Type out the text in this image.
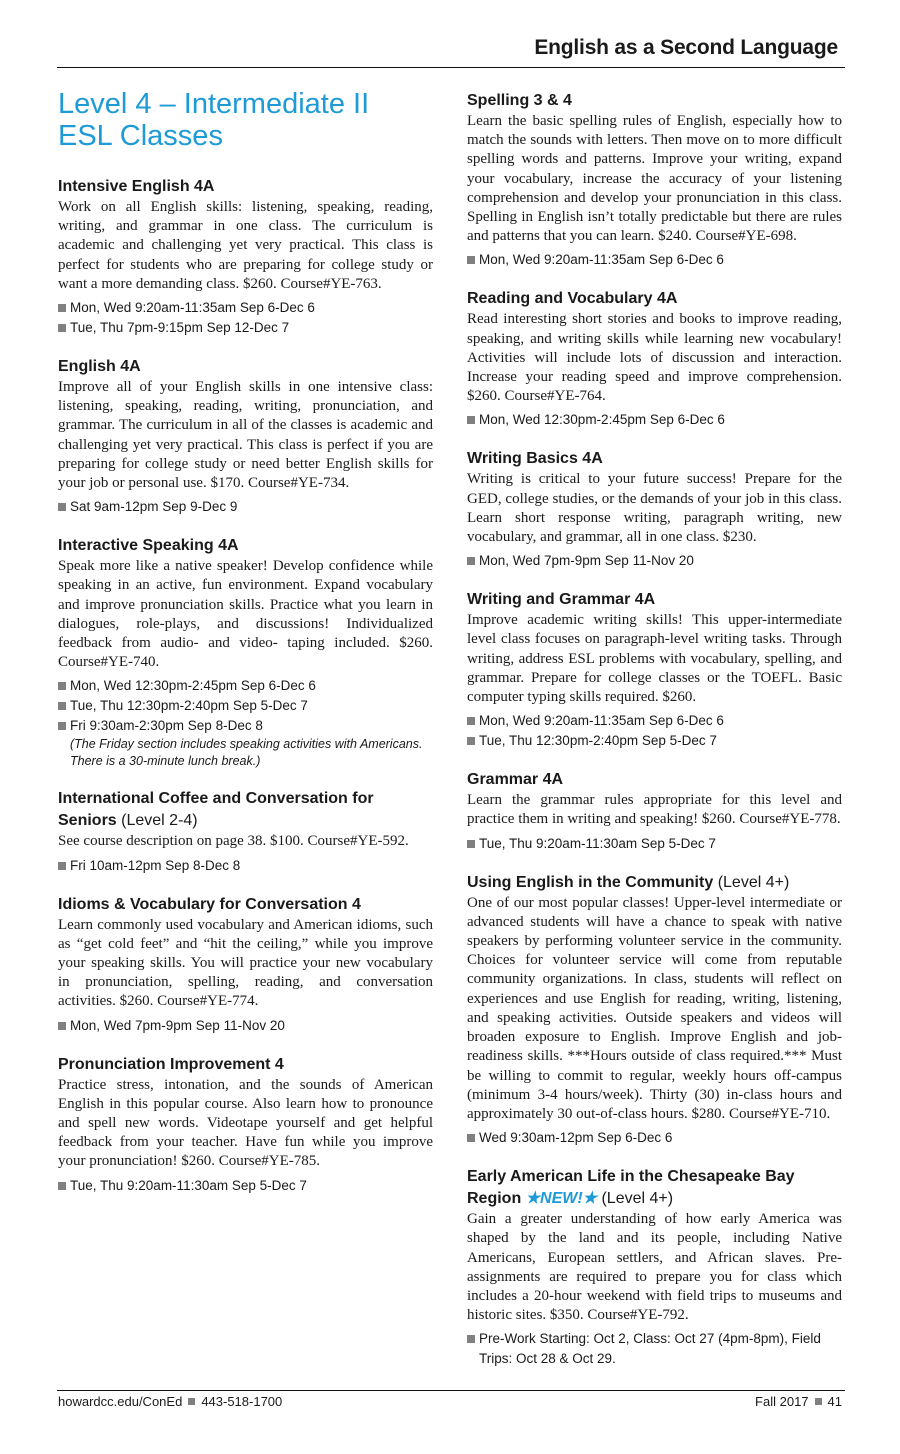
English as a Second Language
Level 4 – Intermediate II
ESL Classes
Intensive English 4A

Work on all English skills: listening, speaking, reading, writing, and grammar in one class. The curriculum is academic and challenging yet very practical. This class is perfect for students who are preparing for college study or want a more demanding class. $260. Course#YE-763.

Mon, Wed 9:20am-11:35am Sep 6-Dec 6
Tue, Thu 7pm-9:15pm Sep 12-Dec 7
English 4A

Improve all of your English skills in one intensive class: listening, speaking, reading, writing, pronunciation, and grammar. The curriculum in all of the classes is academic and challenging yet very practical. This class is perfect if you are preparing for college study or need better English skills for your job or personal use. $170. Course#YE-734.

Sat 9am-12pm Sep 9-Dec 9
Interactive Speaking 4A

Speak more like a native speaker! Develop confidence while speaking in an active, fun environment. Expand vocabulary and improve pronunciation skills. Practice what you learn in dialogues, role-plays, and discussions! Individualized feedback from audio- and video- taping included. $260. Course#YE-740.

Mon, Wed 12:30pm-2:45pm Sep 6-Dec 6
Tue, Thu 12:30pm-2:40pm Sep 5-Dec 7
Fri 9:30am-2:30pm Sep 8-Dec 8
(The Friday section includes speaking activities with Americans. There is a 30-minute lunch break.)
International Coffee and Conversation for Seniors (Level 2-4)

See course description on page 38. $100. Course#YE-592.

Fri 10am-12pm Sep 8-Dec 8
Idioms & Vocabulary for Conversation 4

Learn commonly used vocabulary and American idioms, such as “get cold feet” and “hit the ceiling,” while you improve your speaking skills. You will practice your new vocabulary in pronunciation, spelling, reading, and conversation activities. $260. Course#YE-774.

Mon, Wed 7pm-9pm Sep 11-Nov 20
Pronunciation Improvement 4

Practice stress, intonation, and the sounds of American English in this popular course. Also learn how to pronounce and spell new words. Videotape yourself and get helpful feedback from your teacher. Have fun while you improve your pronunciation! $260. Course#YE-785.

Tue, Thu 9:20am-11:30am Sep 5-Dec 7
Spelling 3 & 4

Learn the basic spelling rules of English, especially how to match the sounds with letters. Then move on to more difficult spelling words and patterns. Improve your writing, expand your vocabulary, increase the accuracy of your listening comprehension and develop your pronunciation in this class. Spelling in English isn’t totally predictable but there are rules and patterns that you can learn. $240. Course#YE-698.

Mon, Wed 9:20am-11:35am Sep 6-Dec 6
Reading and Vocabulary 4A

Read interesting short stories and books to improve reading, speaking, and writing skills while learning new vocabulary! Activities will include lots of discussion and interaction. Increase your reading speed and improve comprehension. $260. Course#YE-764.

Mon, Wed 12:30pm-2:45pm Sep 6-Dec 6
Writing Basics 4A

Writing is critical to your future success! Prepare for the GED, college studies, or the demands of your job in this class. Learn short response writing, paragraph writing, new vocabulary, and grammar, all in one class. $230.

Mon, Wed 7pm-9pm Sep 11-Nov 20
Writing and Grammar 4A

Improve academic writing skills! This upper-intermediate level class focuses on paragraph-level writing tasks. Through writing, address ESL problems with vocabulary, spelling, and grammar. Prepare for college classes or the TOEFL. Basic computer typing skills required. $260.

Mon, Wed 9:20am-11:35am Sep 6-Dec 6
Tue, Thu 12:30pm-2:40pm Sep 5-Dec 7
Grammar 4A

Learn the grammar rules appropriate for this level and practice them in writing and speaking! $260. Course#YE-778.

Tue, Thu 9:20am-11:30am Sep 5-Dec 7
Using English in the Community (Level 4+)

One of our most popular classes! Upper-level intermediate or advanced students will have a chance to speak with native speakers by performing volunteer service in the community. Choices for volunteer service will come from reputable community organizations. In class, students will reflect on experiences and use English for reading, writing, listening, and speaking activities. Outside speakers and videos will broaden exposure to English. Improve English and job-readiness skills. ***Hours outside of class required.*** Must be willing to commit to regular, weekly hours off-campus (minimum 3-4 hours/week). Thirty (30) in-class hours and approximately 30 out-of-class hours. $280. Course#YE-710.

Wed 9:30am-12pm Sep 6-Dec 6
Early American Life in the Chesapeake Bay Region ★NEW!★ (Level 4+)

Gain a greater understanding of how early America was shaped by the land and its people, including Native Americans, European settlers, and African slaves. Pre-assignments are required to prepare you for class which includes a 20-hour weekend with field trips to museums and historic sites. $350. Course#YE-792.

Pre-Work Starting: Oct 2, Class: Oct 27 (4pm-8pm), Field Trips: Oct 28 & Oct 29.
howardcc.edu/ConEd 443-518-1700	Fall 2017 41
